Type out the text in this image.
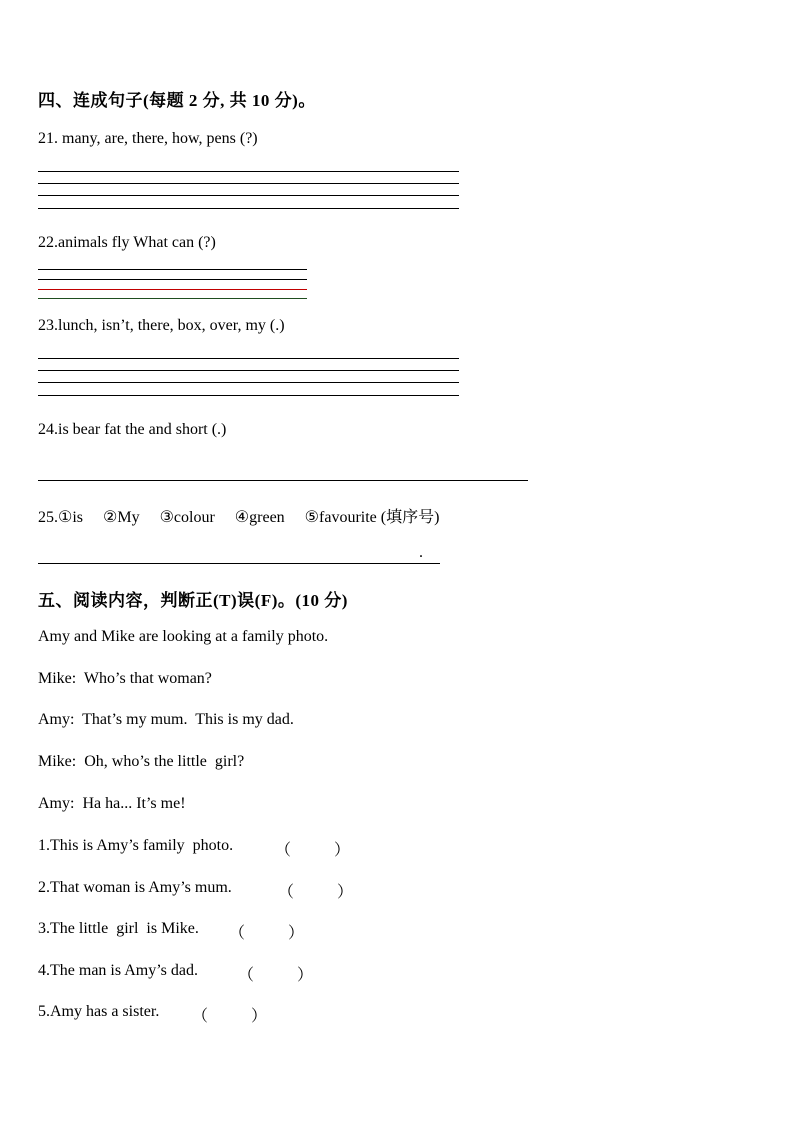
四、连成句子(每题 2 分, 共 10 分)。
21. many, are, there, how, pens (?)
22.animals fly What can (?)
23.lunch, isn’t, there, box, over, my (.)
24.is bear fat the and short (.)
25.①is     ②My     ③colour     ④green     ⑤favourite (填序号)
.
五、阅读内容，判断正(T)误(F)。(10 分)
Amy and Mike are looking at a family photo.
Mike:  Who’s that woman?
Amy:  That’s my mum.  This is my dad.
Mike:  Oh, who’s the little  girl?
Amy:  Ha ha... It’s me!
1.This is Amy’s family  photo.	（	）
2.That woman is Amy’s mum.	（	）
3.The little  girl  is Mike. （	）
4.The man is Amy’s dad.	（	）
5.Amy has a sister. （	）
